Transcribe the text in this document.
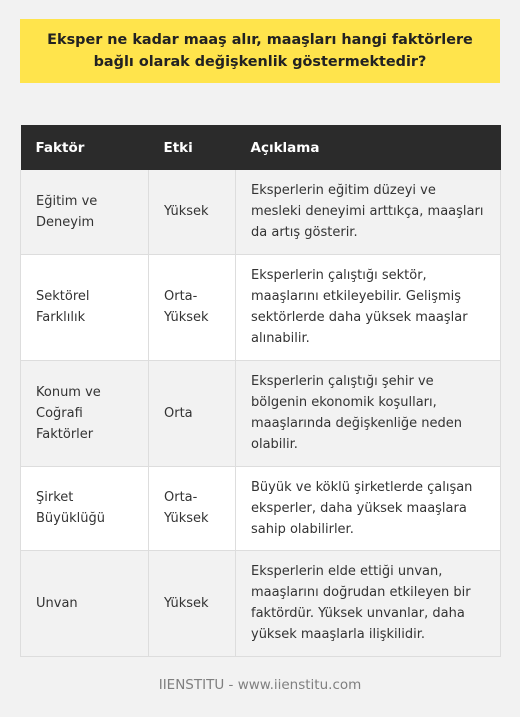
Eksper ne kadar maaş alır, maaşları hangi faktörlere bağlı olarak değişkenlik göstermektedir?
Faktör	Etki	Açıklama
Eğitim ve Deneyim	Yüksek	Eksperlerin eğitim düzeyi ve mesleki deneyimi arttıkça, maaşları da artış gösterir.
Sektörel Farklılık	Orta-Yüksek	Eksperlerin çalıştığı sektör, maaşlarını etkileyebilir. Gelişmiş sektörlerde daha yüksek maaşlar alınabilir.
Konum ve Coğrafi Faktörler	Orta	Eksperlerin çalıştığı şehir ve bölgenin ekonomik koşulları, maaşlarında değişkenliğe neden olabilir.
Şirket Büyüklüğü	Orta-Yüksek	Büyük ve köklü şirketlerde çalışan eksperler, daha yüksek maaşlara sahip olabilirler.
Unvan	Yüksek	Eksperlerin elde ettiği unvan, maaşlarını doğrudan etkileyen bir faktördür. Yüksek unvanlar, daha yüksek maaşlarla ilişkilidir.
IIENSTITU - www.iienstitu.com
